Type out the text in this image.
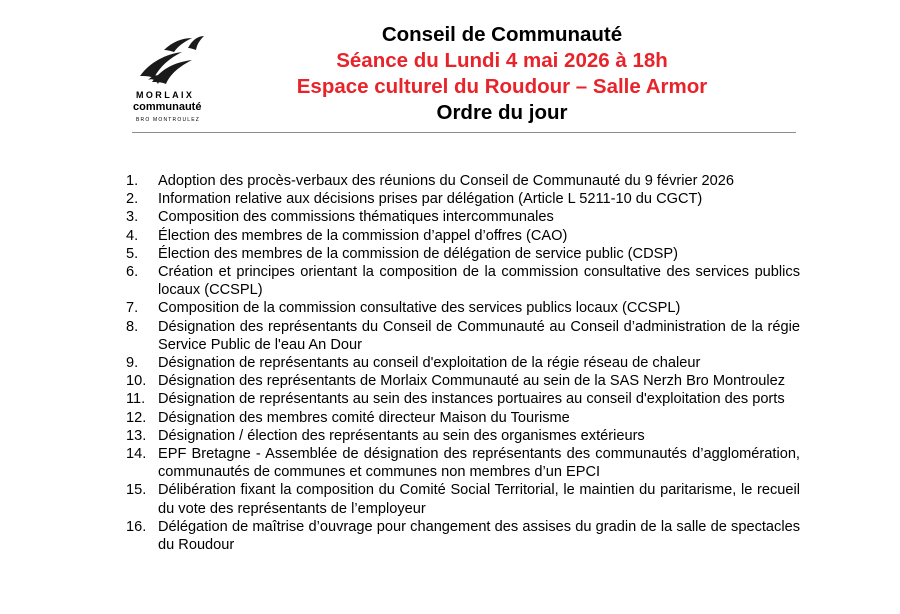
MORLAIX
communauté
BRO MONTROULEZ
Conseil de Communauté
Séance du Lundi 4 mai 2026 à 18h
Espace culturel du Roudour – Salle Armor
Ordre du jour
1. Adoption des procès-verbaux des réunions du Conseil de Communauté du 9 février 2026
2. Information relative aux décisions prises par délégation (Article L 5211-10 du CGCT)
3. Composition des commissions thématiques intercommunales
4. Élection des membres de la commission d’appel d’offres (CAO)
5. Élection des membres de la commission de délégation de service public (CDSP)
6. Création et principes orientant la composition de la commission consultative des services publics locaux (CCSPL)
7. Composition de la commission consultative des services publics locaux (CCSPL)
8. Désignation des représentants du Conseil de Communauté au Conseil d’administration de la régie Service Public de l'eau An Dour
9. Désignation de représentants au conseil d'exploitation de la régie réseau de chaleur
10. Désignation des représentants de Morlaix Communauté au sein de la SAS Nerzh Bro Montroulez
11. Désignation de représentants au sein des instances portuaires au conseil d'exploitation des ports
12. Désignation des membres comité directeur Maison du Tourisme
13. Désignation / élection des représentants au sein des organismes extérieurs
14. EPF Bretagne - Assemblée de désignation des représentants des communautés d’agglomération, communautés de communes et communes non membres d’un EPCI
15. Délibération fixant la composition du Comité Social Territorial, le maintien du paritarisme, le recueil du vote des représentants de l’employeur
16. Délégation de maîtrise d’ouvrage pour changement des assises du gradin de la salle de spectacles du Roudour
